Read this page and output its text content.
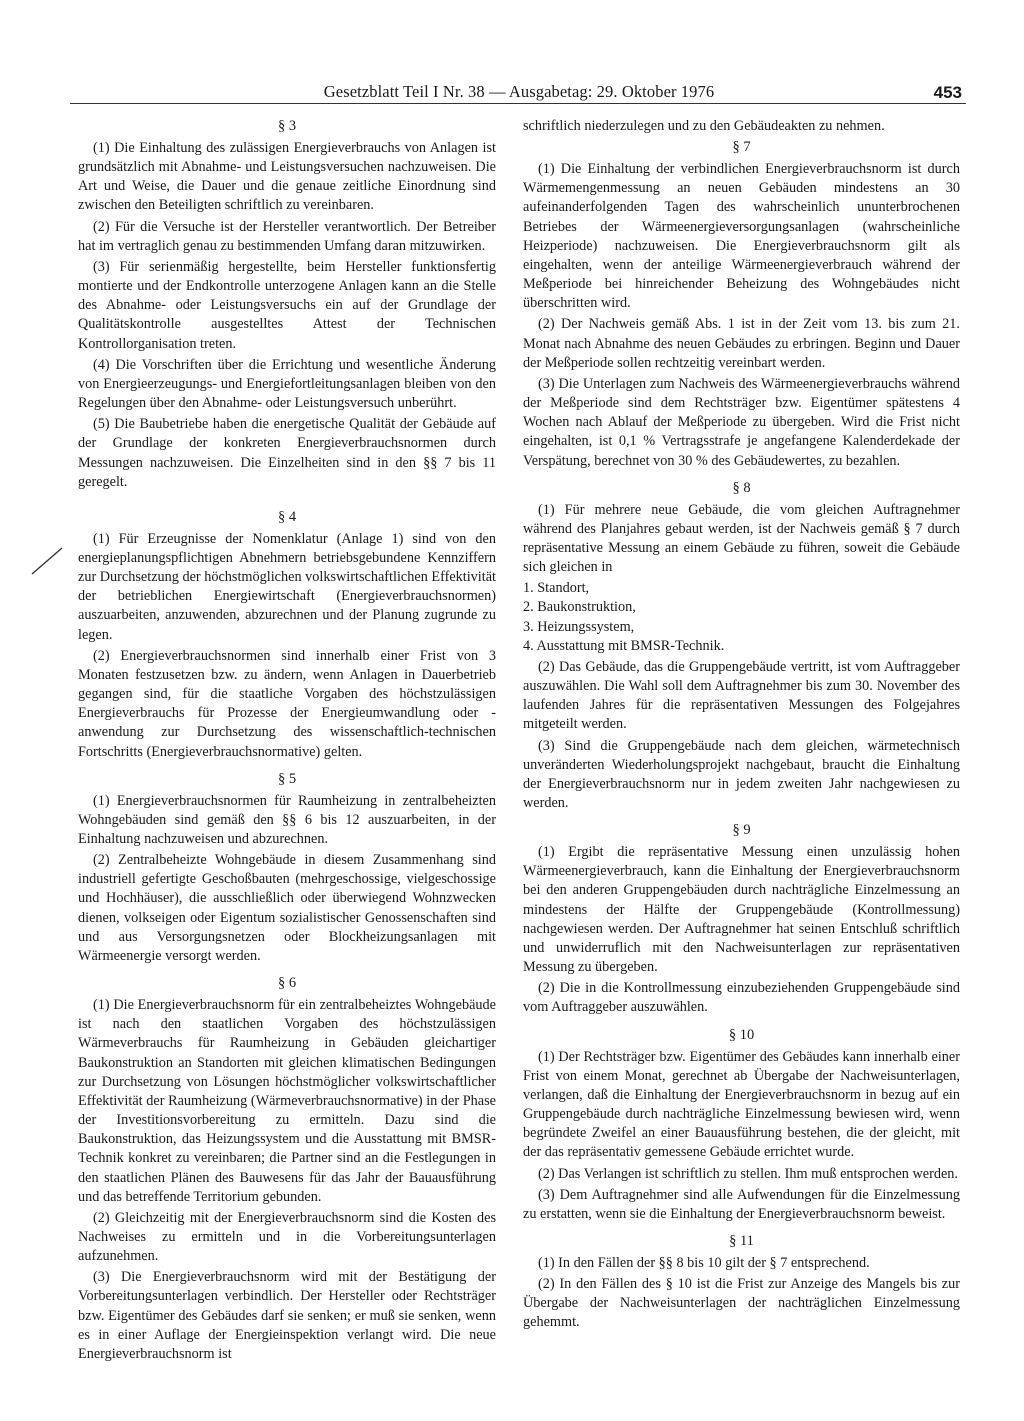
Gesetzblatt Teil I Nr. 38 — Ausgabetag: 29. Oktober 1976	453
§ 3

(1) Die Einhaltung des zulässigen Energieverbrauchs von Anlagen ist grundsätzlich mit Abnahme- und Leistungsversuchen nachzuweisen. Die Art und Weise, die Dauer und die genaue zeitliche Einordnung sind zwischen den Beteiligten schriftlich zu vereinbaren.

(2) Für die Versuche ist der Hersteller verantwortlich. Der Betreiber hat im vertraglich genau zu bestimmenden Umfang daran mitzuwirken.

(3) Für serienmäßig hergestellte, beim Hersteller funktionsfertig montierte und der Endkontrolle unterzogene Anlagen kann an die Stelle des Abnahme- oder Leistungsversuchs ein auf der Grundlage der Qualitätskontrolle ausgestelltes Attest der Technischen Kontrollorganisation treten.

(4) Die Vorschriften über die Errichtung und wesentliche Änderung von Energieerzeugungs- und Energiefortleitungsanlagen bleiben von den Regelungen über den Abnahme- oder Leistungsversuch unberührt.

(5) Die Baubetriebe haben die energetische Qualität der Gebäude auf der Grundlage der konkreten Energieverbrauchsnormen durch Messungen nachzuweisen. Die Einzelheiten sind in den §§ 7 bis 11 geregelt.

§ 4

(1) Für Erzeugnisse der Nomenklatur (Anlage 1) sind von den energieplanungspflichtigen Abnehmern betriebsgebundene Kennziffern zur Durchsetzung der höchstmöglichen volkswirtschaftlichen Effektivität der betrieblichen Energiewirtschaft (Energieverbrauchsnormen) auszuarbeiten, anzuwenden, abzurechnen und der Planung zugrunde zu legen.

(2) Energieverbrauchsnormen sind innerhalb einer Frist von 3 Monaten festzusetzen bzw. zu ändern, wenn Anlagen in Dauerbetrieb gegangen sind, für die staatliche Vorgaben des höchstzulässigen Energieverbrauchs für Prozesse der Energieumwandlung oder -anwendung zur Durchsetzung des wissenschaftlich-technischen Fortschritts (Energieverbrauchsnormative) gelten.

§ 5

(1) Energieverbrauchsnormen für Raumheizung in zentralbeheizten Wohngebäuden sind gemäß den §§ 6 bis 12 auszuarbeiten, in der Einhaltung nachzuweisen und abzurechnen.

(2) Zentralbeheizte Wohngebäude in diesem Zusammenhang sind industriell gefertigte Geschoßbauten (mehrgeschossige, vielgeschossige und Hochhäuser), die ausschließlich oder überwiegend Wohnzwecken dienen, volkseigen oder Eigentum sozialistischer Genossenschaften sind und aus Versorgungsnetzen oder Blockheizungsanlagen mit Wärmeenergie versorgt werden.

§ 6

(1) Die Energieverbrauchsnorm für ein zentralbeheiztes Wohngebäude ist nach den staatlichen Vorgaben des höchstzulässigen Wärmeverbrauchs für Raumheizung in Gebäuden gleichartiger Baukonstruktion an Standorten mit gleichen klimatischen Bedingungen zur Durchsetzung von Lösungen höchstmöglicher volkswirtschaftlicher Effektivität der Raumheizung (Wärmeverbrauchsnormative) in der Phase der Investitionsvorbereitung zu ermitteln. Dazu sind die Baukonstruktion, das Heizungssystem und die Ausstattung mit BMSR-Technik konkret zu vereinbaren; die Partner sind an die Festlegungen in den staatlichen Plänen des Bauwesens für das Jahr der Bauausführung und das betreffende Territorium gebunden.

(2) Gleichzeitig mit der Energieverbrauchsnorm sind die Kosten des Nachweises zu ermitteln und in die Vorbereitungsunterlagen aufzunehmen.

(3) Die Energieverbrauchsnorm wird mit der Bestätigung der Vorbereitungsunterlagen verbindlich. Der Hersteller oder Rechtsträger bzw. Eigentümer des Gebäudes darf sie senken; er muß sie senken, wenn es in einer Auflage der Energieinspektion verlangt wird. Die neue Energieverbrauchsnorm ist

schriftlich niederzulegen und zu den Gebäudeakten zu nehmen.

§ 7

(1) Die Einhaltung der verbindlichen Energieverbrauchsnorm ist durch Wärmemengenmessung an neuen Gebäuden mindestens an 30 aufeinanderfolgenden Tagen des wahrscheinlich ununterbrochenen Betriebes der Wärmeenergieversorgungsanlagen (wahrscheinliche Heizperiode) nachzuweisen. Die Energieverbrauchsnorm gilt als eingehalten, wenn der anteilige Wärmeenergieverbrauch während der Meßperiode bei hinreichender Beheizung des Wohngebäudes nicht überschritten wird.

(2) Der Nachweis gemäß Abs. 1 ist in der Zeit vom 13. bis zum 21. Monat nach Abnahme des neuen Gebäudes zu erbringen. Beginn und Dauer der Meßperiode sollen rechtzeitig vereinbart werden.

(3) Die Unterlagen zum Nachweis des Wärmeenergieverbrauchs während der Meßperiode sind dem Rechtsträger bzw. Eigentümer spätestens 4 Wochen nach Ablauf der Meßperiode zu übergeben. Wird die Frist nicht eingehalten, ist 0,1 % Vertragsstrafe je angefangene Kalenderdekade der Verspätung, berechnet von 30 % des Gebäudewertes, zu bezahlen.

§ 8

(1) Für mehrere neue Gebäude, die vom gleichen Auftragnehmer während des Planjahres gebaut werden, ist der Nachweis gemäß § 7 durch repräsentative Messung an einem Gebäude zu führen, soweit die Gebäude sich gleichen in

1. Standort,
2. Baukonstruktion,
3. Heizungssystem,
4. Ausstattung mit BMSR-Technik.

(2) Das Gebäude, das die Gruppengebäude vertritt, ist vom Auftraggeber auszuwählen. Die Wahl soll dem Auftragnehmer bis zum 30. November des laufenden Jahres für die repräsentativen Messungen des Folgejahres mitgeteilt werden.

(3) Sind die Gruppengebäude nach dem gleichen, wärmetechnisch unveränderten Wiederholungsprojekt nachgebaut, braucht die Einhaltung der Energieverbrauchsnorm nur in jedem zweiten Jahr nachgewiesen zu werden.

§ 9

(1) Ergibt die repräsentative Messung einen unzulässig hohen Wärmeenergieverbrauch, kann die Einhaltung der Energieverbrauchsnorm bei den anderen Gruppengebäuden durch nachträgliche Einzelmessung an mindestens der Hälfte der Gruppengebäude (Kontrollmessung) nachgewiesen werden. Der Auftragnehmer hat seinen Entschluß schriftlich und unwiderruflich mit den Nachweisunterlagen zur repräsentativen Messung zu übergeben.

(2) Die in die Kontrollmessung einzubeziehenden Gruppengebäude sind vom Auftraggeber auszuwählen.

§ 10

(1) Der Rechtsträger bzw. Eigentümer des Gebäudes kann innerhalb einer Frist von einem Monat, gerechnet ab Übergabe der Nachweisunterlagen, verlangen, daß die Einhaltung der Energieverbrauchsnorm in bezug auf ein Gruppengebäude durch nachträgliche Einzelmessung bewiesen wird, wenn begründete Zweifel an einer Bauausführung bestehen, die der gleicht, mit der das repräsentativ gemessene Gebäude errichtet wurde.

(2) Das Verlangen ist schriftlich zu stellen. Ihm muß entsprochen werden.

(3) Dem Auftragnehmer sind alle Aufwendungen für die Einzelmessung zu erstatten, wenn sie die Einhaltung der Energieverbrauchsnorm beweist.

§ 11

(1) In den Fällen der §§ 8 bis 10 gilt der § 7 entsprechend.

(2) In den Fällen des § 10 ist die Frist zur Anzeige des Mangels bis zur Übergabe der Nachweisunterlagen der nachträglichen Einzelmessung gehemmt.
